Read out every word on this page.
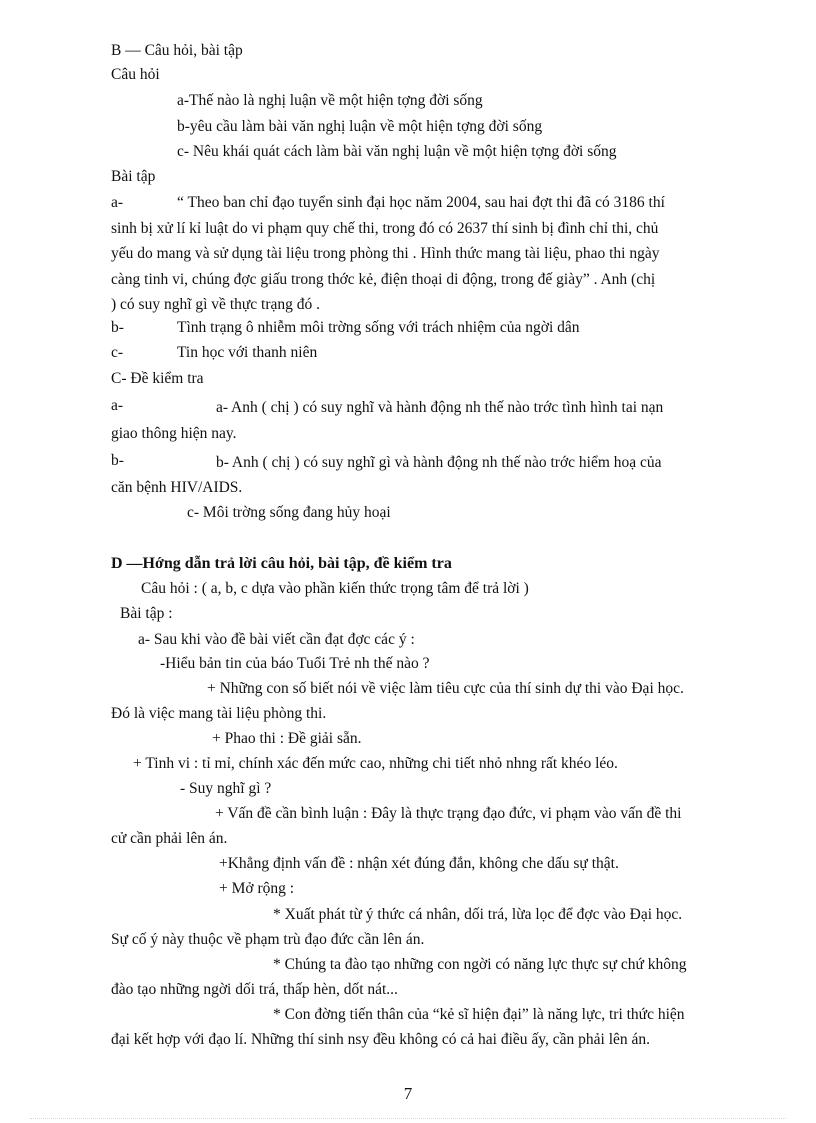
B — Câu hỏi, bài tập
Câu hỏi
a-Thế nào là nghị luận về một hiện tợng đời sống
b-yêu cầu làm bài văn nghị luận về một hiện tợng đời sống
c- Nêu khái quát cách làm bài văn nghị luận về một hiện tợng đời sống
Bài tập
a-	“ Theo ban chỉ đạo tuyển sinh đại học năm 2004, sau hai đợt thi đã có 3186 thí
sinh bị xử lí kỉ luật do vi phạm quy chế thi, trong đó có 2637 thí sinh bị đình chỉ thi, chủ
yếu do mang và sử dụng tài liệu trong phòng thi . Hình thức mang tài liệu, phao thi ngày
càng tinh vi, chúng đợc giấu trong thớc kẻ, điện thoại di động, trong đế giày” . Anh (chị
) có suy nghĩ gì về thực trạng đó .
b-	Tình trạng ô nhiễm môi trờng sống với trách nhiệm của ngời dân
c-	Tin học với thanh niên
C- Đề kiểm tra
a-	a- Anh ( chị ) có suy nghĩ và hành động nh thế nào trớc tình hình tai nạn
giao thông hiện nay.
b-	b- Anh ( chị ) có suy nghĩ gì và hành động nh thế nào trớc hiểm hoạ của
căn bệnh HIV/AIDS.
c- Môi trờng sống đang hủy hoại
D —Hớng dẫn trả lời câu hỏi, bài tập, đề kiểm tra
Câu hỏi : ( a, b, c dựa vào phần kiến thức trọng tâm để trả lời )
Bài tập :
a- Sau khi vào đề bài viết cần đạt đợc các ý :
-Hiểu bản tin của báo Tuổi Trẻ nh thế nào ?
+ Những con số biết nói về việc làm tiêu cực của thí sinh dự thi vào Đại học.
Đó là việc mang tài liệu phòng thi.
+ Phao thi : Đề giải sẵn.
+ Tinh vi : tỉ mỉ, chính xác đến mức cao, những chi tiết nhỏ nhng rất khéo léo.
- Suy nghĩ gì ?
+ Vấn đề cần bình luận : Đây là thực trạng đạo đức, vi phạm vào vấn đề thi
cử cần phải lên án.
+Khẳng định vấn đề : nhận xét đúng đắn, không che dấu sự thật.
+ Mở rộng :
* Xuất phát từ ý thức cá nhân, dối trá, lừa lọc để đợc vào Đại học.
Sự cố ý này thuộc về phạm trù đạo đức cần lên án.
* Chúng ta đào tạo những con ngời có năng lực thực sự chứ không
đào tạo những ngời dối trá, thấp hèn, dốt nát...
* Con đờng tiến thân của “kẻ sĩ hiện đại” là năng lực, tri thức hiện
đại kết hợp với đạo lí. Những thí sinh nsy đều không có cả hai điều ấy, cần phải lên án.
7
